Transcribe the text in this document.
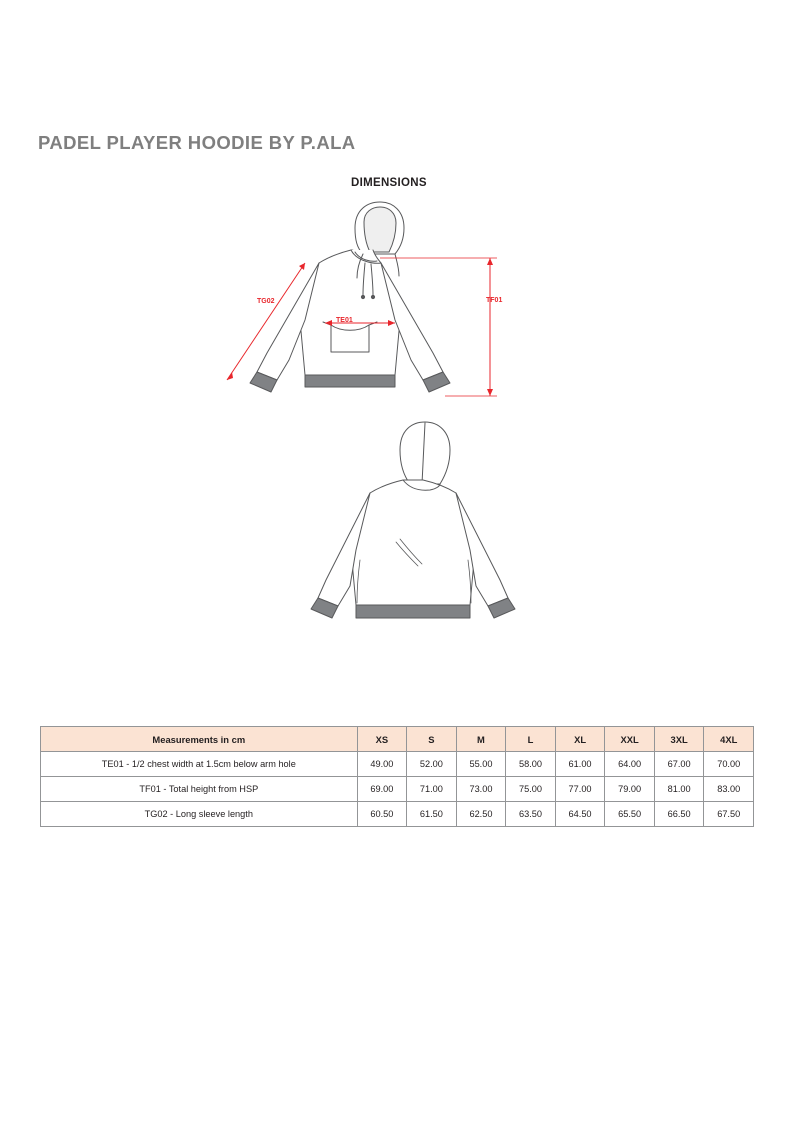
PADEL PLAYER HOODIE BY P.ALA
DIMENSIONS
TE01
TG02	TF01
Measurements in cm	XS	S	M	L	XL	XXL	3XL	4XL
TE01 - 1/2 chest width at 1.5cm below arm hole	49.00	52.00	55.00	58.00	61.00	64.00	67.00	70.00
TF01 - Total height from HSP	69.00	71.00	73.00	75.00	77.00	79.00	81.00	83.00
TG02 - Long sleeve length	60.50	61.50	62.50	63.50	64.50	65.50	66.50	67.50
